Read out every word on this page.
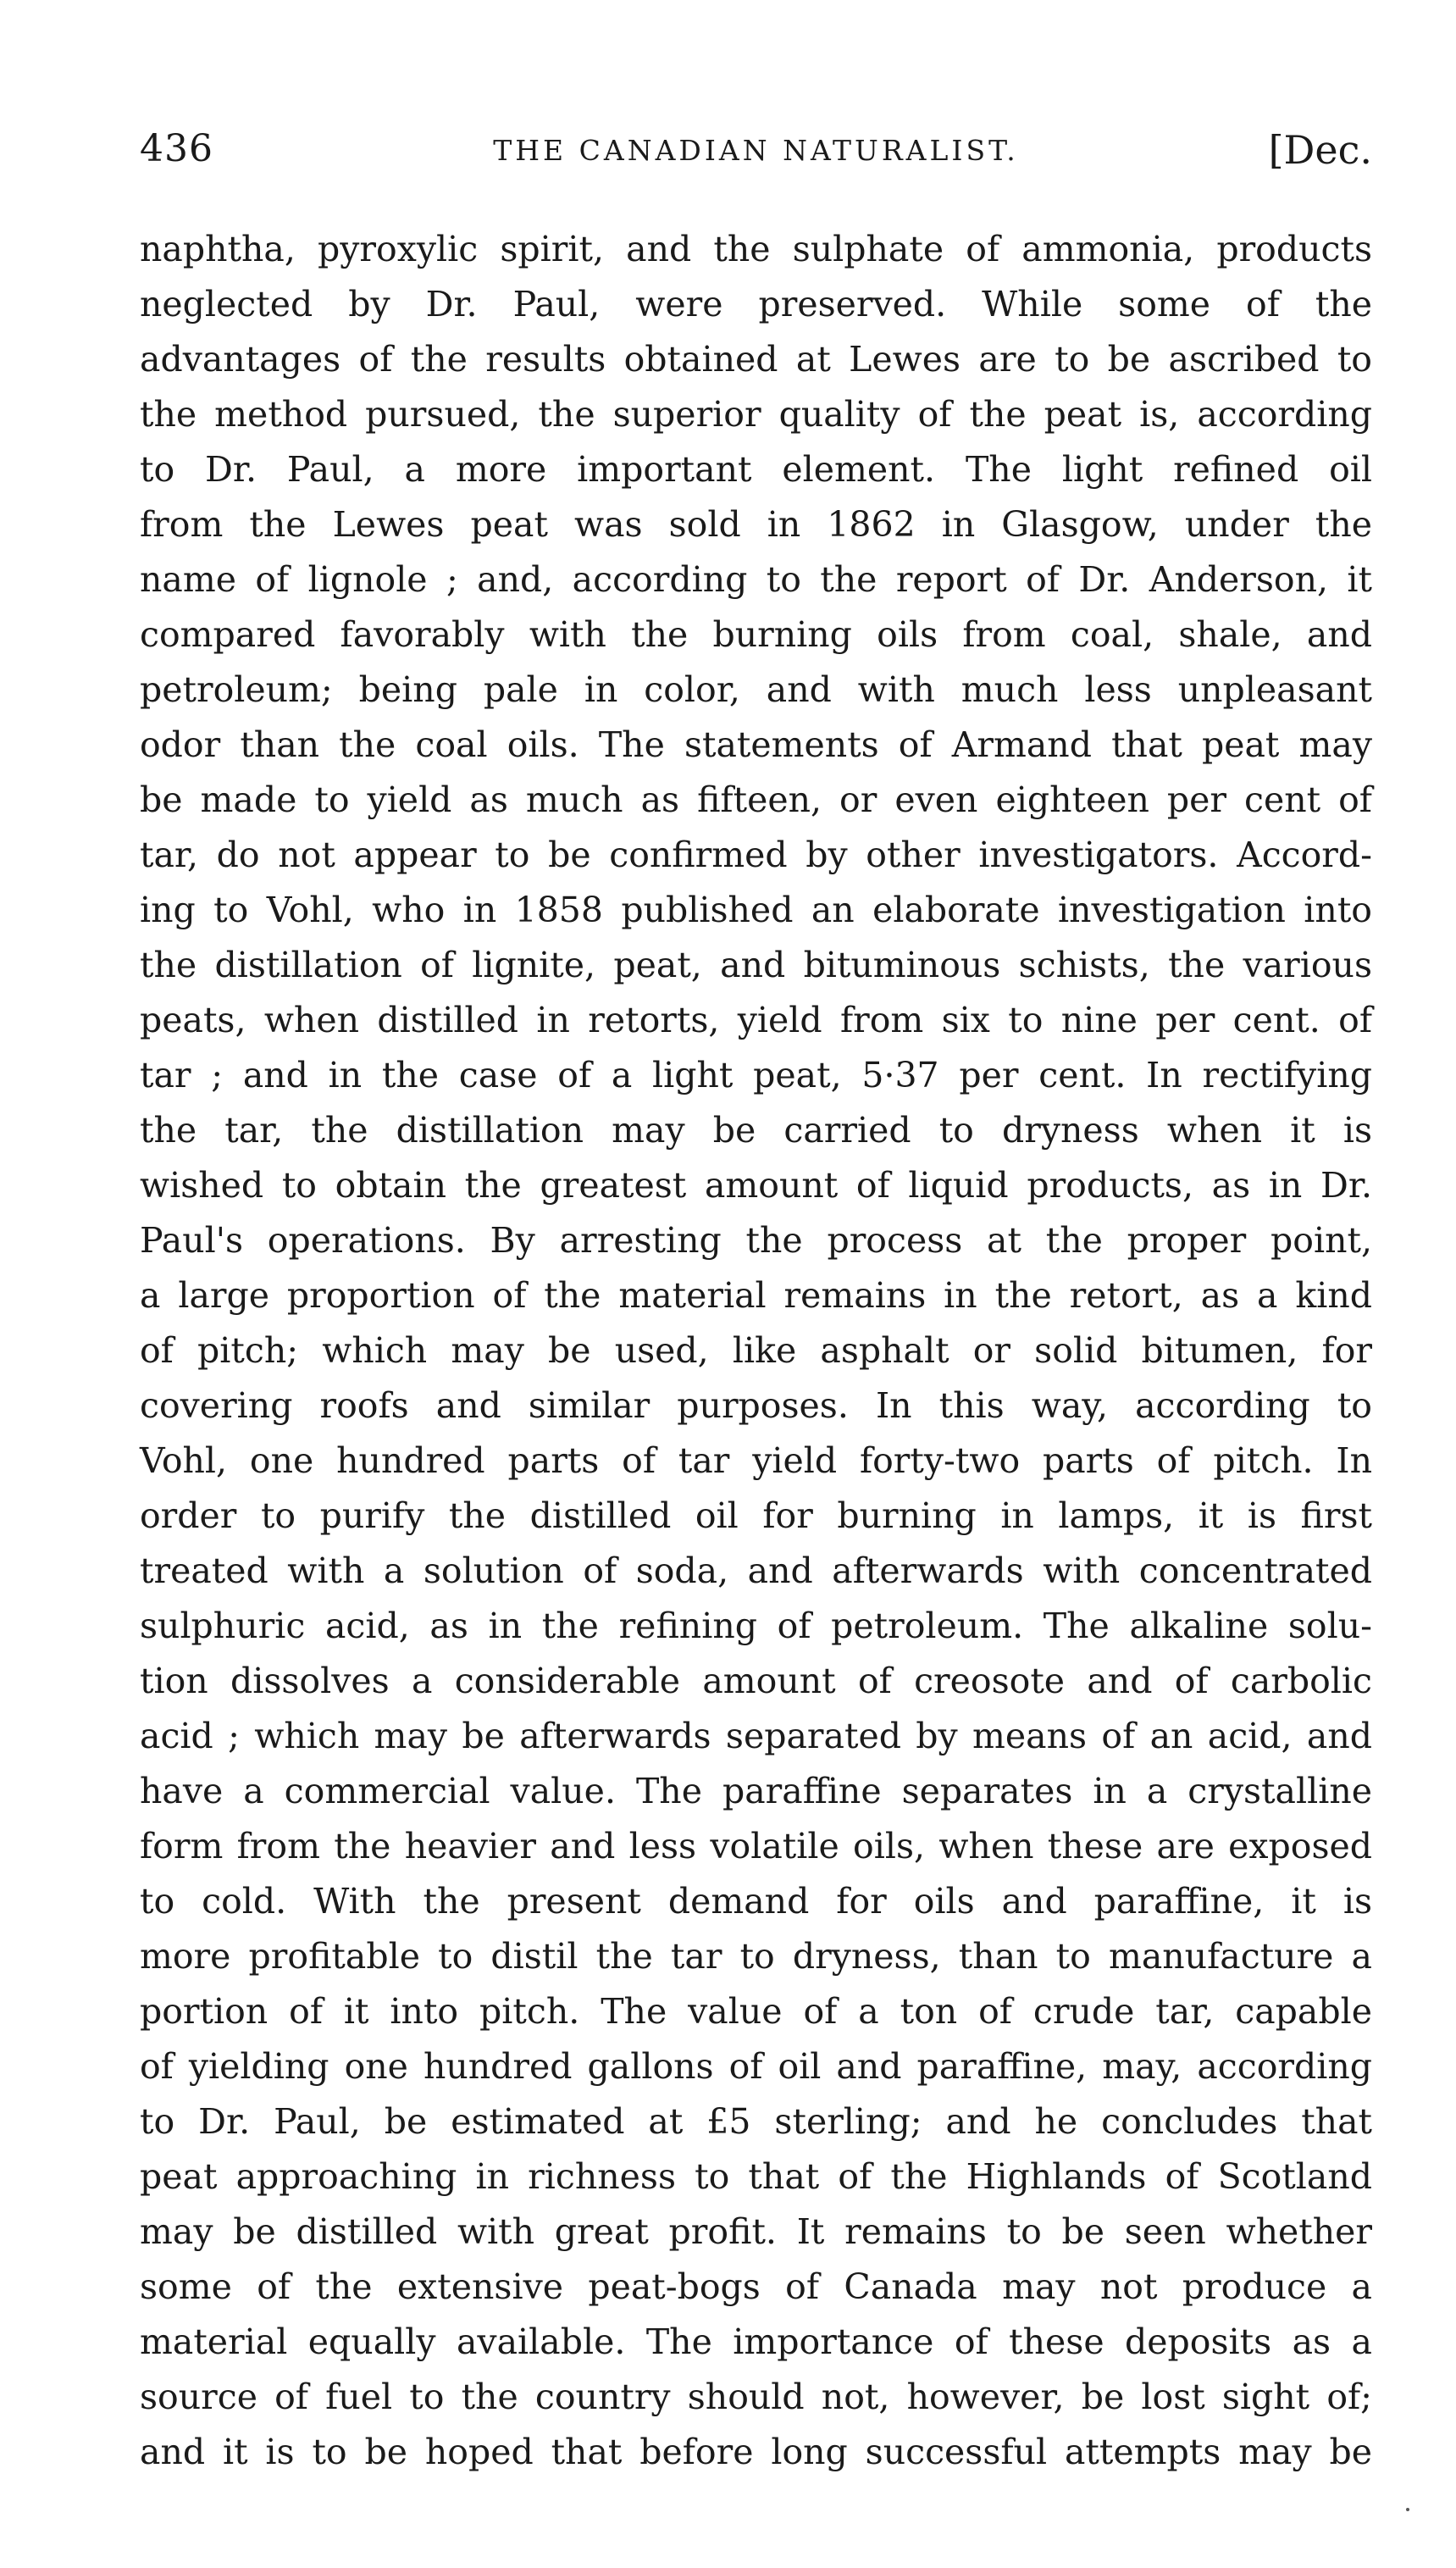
436	THE CANADIAN NATURALIST.	[Dec.
naphtha, pyroxylic spirit, and the sulphate of ammonia, products
neglected by Dr. Paul, were preserved. While some of the
advantages of the results obtained at Lewes are to be ascribed to
the method pursued, the superior quality of the peat is, according
to Dr. Paul, a more important element. The light refined oil
from the Lewes peat was sold in 1862 in Glasgow, under the
name of lignole ; and, according to the report of Dr. Anderson, it
compared favorably with the burning oils from coal, shale, and
petroleum; being pale in color, and with much less unpleasant
odor than the coal oils. The statements of Armand that peat may
be made to yield as much as fifteen, or even eighteen per cent of
tar, do not appear to be confirmed by other investigators. Accord-
ing to Vohl, who in 1858 published an elaborate investigation into
the distillation of lignite, peat, and bituminous schists, the various
peats, when distilled in retorts, yield from six to nine per cent. of
tar ; and in the case of a light peat, 5·37 per cent. In rectifying
the tar, the distillation may be carried to dryness when it is
wished to obtain the greatest amount of liquid products, as in Dr.
Paul's operations. By arresting the process at the proper point,
a large proportion of the material remains in the retort, as a kind
of pitch; which may be used, like asphalt or solid bitumen, for
covering roofs and similar purposes. In this way, according to
Vohl, one hundred parts of tar yield forty-two parts of pitch. In
order to purify the distilled oil for burning in lamps, it is first
treated with a solution of soda, and afterwards with concentrated
sulphuric acid, as in the refining of petroleum. The alkaline solu-
tion dissolves a considerable amount of creosote and of carbolic
acid ; which may be afterwards separated by means of an acid, and
have a commercial value. The paraffine separates in a crystalline
form from the heavier and less volatile oils, when these are exposed
to cold. With the present demand for oils and paraffine, it is
more profitable to distil the tar to dryness, than to manufacture a
portion of it into pitch. The value of a ton of crude tar, capable
of yielding one hundred gallons of oil and paraffine, may, according
to Dr. Paul, be estimated at £5 sterling; and he concludes that
peat approaching in richness to that of the Highlands of Scotland
may be distilled with great profit. It remains to be seen whether
some of the extensive peat-bogs of Canada may not produce a
material equally available. The importance of these deposits as a
source of fuel to the country should not, however, be lost sight of;
and it is to be hoped that before long successful attempts may be
